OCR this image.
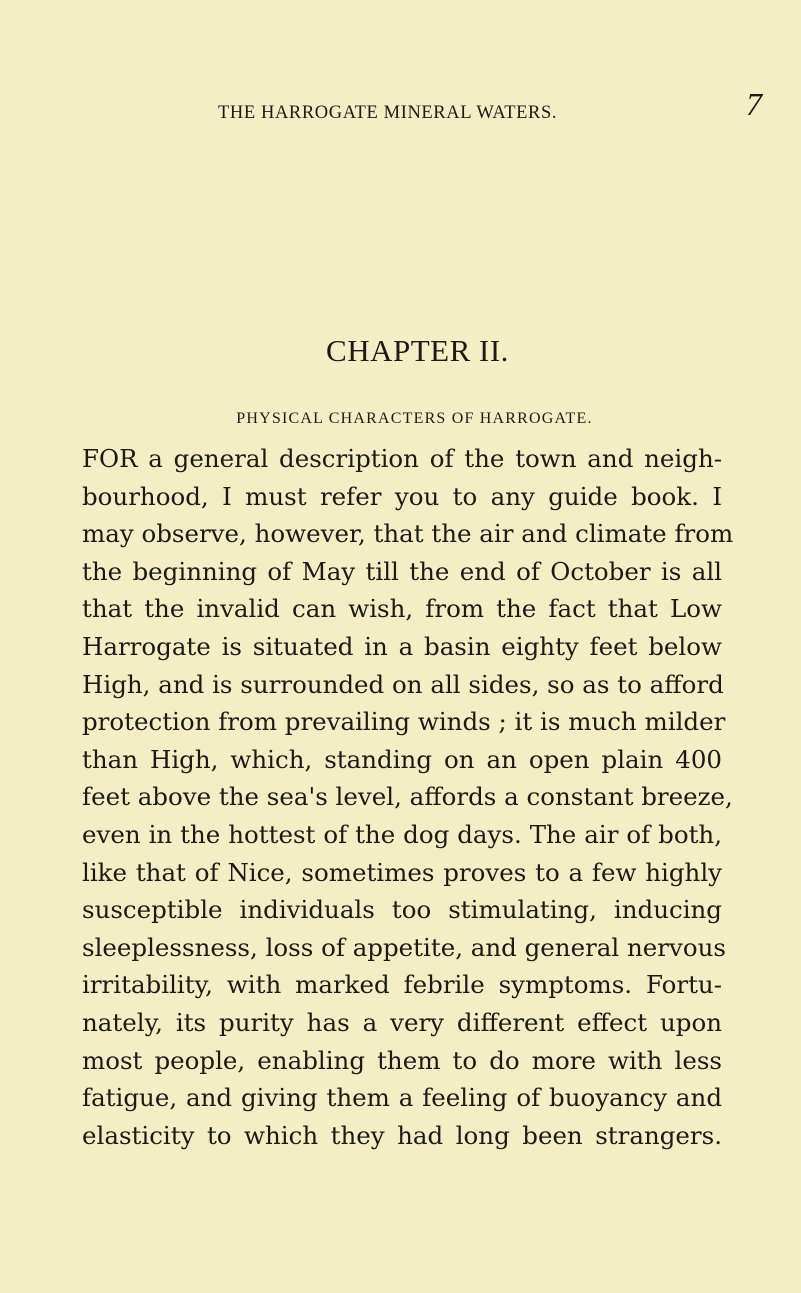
THE HARROGATE MINERAL WATERS.	7
CHAPTER II.
PHYSICAL CHARACTERS OF HARROGATE.
FOR a general description of the town and neigh-
bourhood, I must refer you to any guide book. I
may observe, however, that the air and climate from
the beginning of May till the end of October is all
that the invalid can wish, from the fact that Low
Harrogate is situated in a basin eighty feet below
High, and is surrounded on all sides, so as to afford
protection from prevailing winds ; it is much milder
than High, which, standing on an open plain 400
feet above the sea's level, affords a constant breeze,
even in the hottest of the dog days. The air of both,
like that of Nice, sometimes proves to a few highly
susceptible individuals too stimulating, inducing
sleeplessness, loss of appetite, and general nervous
irritability, with marked febrile symptoms. Fortu-
nately, its purity has a very different effect upon
most people, enabling them to do more with less
fatigue, and giving them a feeling of buoyancy and
elasticity to which they had long been strangers.
